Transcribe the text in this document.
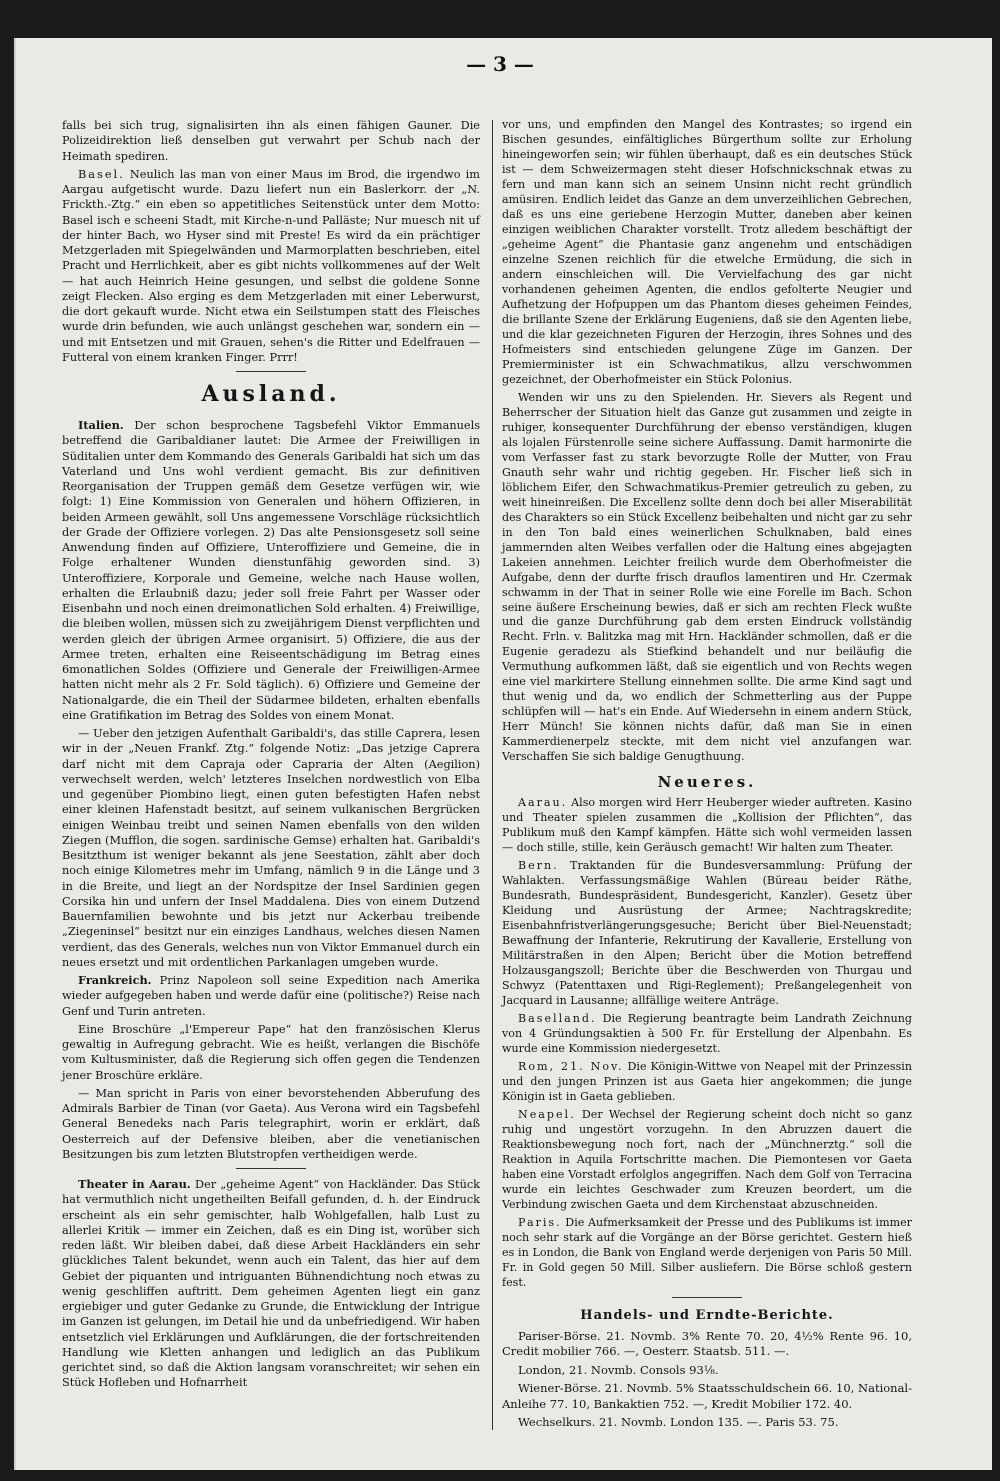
— 3 —

falls bei sich trug, signalisirten ihn als einen fähigen Gauner. Die Polizeidirektion ließ denselben gut verwahrt per Schub nach der Heimath spediren.

Basel. Neulich las man von einer Maus im Brod, die irgendwo im Aargau aufgetischt wurde. Dazu liefert nun ein Baslerkorr. der „N. Frickth.-Ztg.“ ein eben so appetitliches Seitenstück unter dem Motto: Basel isch e scheeni Stadt, mit Kirche-n-und Palläste; Nur muesch nit uf der hinter Bach, wo Hyser sind mit Preste! Es wird da ein prächtiger Metzgerladen mit Spiegelwänden und Marmorplatten beschrieben, eitel Pracht und Herrlichkeit, aber es gibt nichts vollkommenes auf der Welt — hat auch Heinrich Heine gesungen, und selbst die goldene Sonne zeigt Flecken. Also erging es dem Metzgerladen mit einer Leberwurst, die dort gekauft wurde. Nicht etwa ein Seilstumpen statt des Fleisches wurde drin befunden, wie auch unlängst geschehen war, sondern ein — und mit Entsetzen und mit Grauen, sehen's die Ritter und Edelfrauen — Futteral von einem kranken Finger. Prrr!

Ausland.

Italien. Der schon besprochene Tagsbefehl Viktor Emmanuels betreffend die Garibaldianer lautet: Die Armee der Freiwilligen in Süditalien unter dem Kommando des Generals Garibaldi hat sich um das Vaterland und Uns wohl verdient gemacht. Bis zur definitiven Reorganisation der Truppen gemäß dem Gesetze verfügen wir, wie folgt: 1) Eine Kommission von Generalen und höhern Offizieren, in beiden Armeen gewählt, soll Uns angemessene Vorschläge rücksichtlich der Grade der Offiziere vorlegen. 2) Das alte Pensionsgesetz soll seine Anwendung finden auf Offiziere, Unteroffiziere und Gemeine, die in Folge erhaltener Wunden dienstunfähig geworden sind. 3) Unteroffiziere, Korporale und Gemeine, welche nach Hause wollen, erhalten die Erlaubniß dazu; jeder soll freie Fahrt per Wasser oder Eisenbahn und noch einen dreimonatlichen Sold erhalten. 4) Freiwillige, die bleiben wollen, müssen sich zu zweijährigem Dienst verpflichten und werden gleich der übrigen Armee organisirt. 5) Offiziere, die aus der Armee treten, erhalten eine Reiseentschädigung im Betrag eines 6monatlichen Soldes (Offiziere und Generale der Freiwilligen-Armee hatten nicht mehr als 2 Fr. Sold täglich). 6) Offiziere und Gemeine der Nationalgarde, die ein Theil der Südarmee bildeten, erhalten ebenfalls eine Gratifikation im Betrag des Soldes von einem Monat.

— Ueber den jetzigen Aufenthalt Garibaldi's, das stille Caprera, lesen wir in der „Neuen Frankf. Ztg.“ folgende Notiz: „Das jetzige Caprera darf nicht mit dem Capraja oder Capraria der Alten (Aegilion) verwechselt werden, welch' letzteres Inselchen nordwestlich von Elba und gegenüber Piombino liegt, einen guten befestigten Hafen nebst einer kleinen Hafenstadt besitzt, auf seinem vulkanischen Bergrücken einigen Weinbau treibt und seinen Namen ebenfalls von den wilden Ziegen (Mufflon, die sogen. sardinische Gemse) erhalten hat. Garibaldi's Besitzthum ist weniger bekannt als jene Seestation, zählt aber doch noch einige Kilometres mehr im Umfang, nämlich 9 in die Länge und 3 in die Breite, und liegt an der Nordspitze der Insel Sardinien gegen Corsika hin und unfern der Insel Maddalena. Dies von einem Dutzend Bauernfamilien bewohnte und bis jetzt nur Ackerbau treibende „Ziegeninsel“ besitzt nur ein einziges Landhaus, welches diesen Namen verdient, das des Generals, welches nun von Viktor Emmanuel durch ein neues ersetzt und mit ordentlichen Parkanlagen umgeben wurde.

Frankreich. Prinz Napoleon soll seine Expedition nach Amerika wieder aufgegeben haben und werde dafür eine (politische?) Reise nach Genf und Turin antreten.

Eine Broschüre „l'Empereur Pape“ hat den französischen Klerus gewaltig in Aufregung gebracht. Wie es heißt, verlangen die Bischöfe vom Kultusminister, daß die Regierung sich offen gegen die Tendenzen jener Broschüre erkläre.

— Man spricht in Paris von einer bevorstehenden Abberufung des Admirals Barbier de Tinan (vor Gaeta). Aus Verona wird ein Tagsbefehl General Benedeks nach Paris telegraphirt, worin er erklärt, daß Oesterreich auf der Defensive bleiben, aber die venetianischen Besitzungen bis zum letzten Blutstropfen vertheidigen werde.

Theater in Aarau. Der „geheime Agent“ von Hackländer. Das Stück hat vermuthlich nicht ungetheilten Beifall gefunden, d. h. der Eindruck erscheint als ein sehr gemischter, halb Wohlgefallen, halb Lust zu allerlei Kritik — immer ein Zeichen, daß es ein Ding ist, worüber sich reden läßt. Wir bleiben dabei, daß diese Arbeit Hackländers ein sehr glückliches Talent bekundet, wenn auch ein Talent, das hier auf dem Gebiet der piquanten und intriguanten Bühnendichtung noch etwas zu wenig geschliffen auftritt. Dem geheimen Agenten liegt ein ganz ergiebiger und guter Gedanke zu Grunde, die Entwicklung der Intrigue im Ganzen ist gelungen, im Detail hie und da unbefriedigend. Wir haben entsetzlich viel Erklärungen und Aufklärungen, die der fortschreitenden Handlung wie Kletten anhangen und lediglich an das Publikum gerichtet sind, so daß die Aktion langsam voranschreitet; wir sehen ein Stück Hofleben und Hofnarrheit

vor uns, und empfinden den Mangel des Kontrastes; so irgend ein Bischen gesundes, einfältigliches Bürgerthum sollte zur Erholung hineingeworfen sein; wir fühlen überhaupt, daß es ein deutsches Stück ist — dem Schweizermagen steht dieser Hofschnickschnak etwas zu fern und man kann sich an seinem Unsinn nicht recht gründlich amüsiren. Endlich leidet das Ganze an dem unverzeihlichen Gebrechen, daß es uns eine geriebene Herzogin Mutter, daneben aber keinen einzigen weiblichen Charakter vorstellt. Trotz alledem beschäftigt der „geheime Agent“ die Phantasie ganz angenehm und entschädigen einzelne Szenen reichlich für die etwelche Ermüdung, die sich in andern einschleichen will. Die Vervielfachung des gar nicht vorhandenen geheimen Agenten, die endlos gefolterte Neugier und Aufhetzung der Hofpuppen um das Phantom dieses geheimen Feindes, die brillante Szene der Erklärung Eugeniens, daß sie den Agenten liebe, und die klar gezeichneten Figuren der Herzogin, ihres Sohnes und des Hofmeisters sind entschieden gelungene Züge im Ganzen. Der Premierminister ist ein Schwachmatikus, allzu verschwommen gezeichnet, der Oberhofmeister ein Stück Polonius.

Wenden wir uns zu den Spielenden. Hr. Sievers als Regent und Beherrscher der Situation hielt das Ganze gut zusammen und zeigte in ruhiger, konsequenter Durchführung der ebenso verständigen, klugen als lojalen Fürstenrolle seine sichere Auffassung. Damit harmonirte die vom Verfasser fast zu stark bevorzugte Rolle der Mutter, von Frau Gnauth sehr wahr und richtig gegeben. Hr. Fischer ließ sich in löblichem Eifer, den Schwachmatikus-Premier getreulich zu geben, zu weit hineinreißen. Die Excellenz sollte denn doch bei aller Miserabilität des Charakters so ein Stück Excellenz beibehalten und nicht gar zu sehr in den Ton bald eines weinerlichen Schulknaben, bald eines jammernden alten Weibes verfallen oder die Haltung eines abgejagten Lakeien annehmen. Leichter freilich wurde dem Oberhofmeister die Aufgabe, denn der durfte frisch drauflos lamentiren und Hr. Czermak schwamm in der That in seiner Rolle wie eine Forelle im Bach. Schon seine äußere Erscheinung bewies, daß er sich am rechten Fleck wußte und die ganze Durchführung gab dem ersten Eindruck vollständig Recht. Frln. v. Balitzka mag mit Hrn. Hackländer schmollen, daß er die Eugenie geradezu als Stiefkind behandelt und nur beiläufig die Vermuthung aufkommen läßt, daß sie eigentlich und von Rechts wegen eine viel markirtere Stellung einnehmen sollte. Die arme Kind sagt und thut wenig und da, wo endlich der Schmetterling aus der Puppe schlüpfen will — hat's ein Ende. Auf Wiedersehn in einem andern Stück, Herr Münch! Sie können nichts dafür, daß man Sie in einen Kammerdienerpelz steckte, mit dem nicht viel anzufangen war. Verschaffen Sie sich baldige Genugthuung.

Neueres.

Aarau. Also morgen wird Herr Heuberger wieder auftreten. Kasino und Theater spielen zusammen die „Kollision der Pflichten“, das Publikum muß den Kampf kämpfen. Hätte sich wohl vermeiden lassen — doch stille, stille, kein Geräusch gemacht! Wir halten zum Theater.

Bern. Traktanden für die Bundesversammlung: Prüfung der Wahlakten. Verfassungsmäßige Wahlen (Büreau beider Räthe, Bundesrath, Bundespräsident, Bundesgericht, Kanzler). Gesetz über Kleidung und Ausrüstung der Armee; Nachtragskredite; Eisenbahnfristverlängerungsgesuche; Bericht über Biel-Neuenstadt; Bewaffnung der Infanterie, Rekrutirung der Kavallerie, Erstellung von Militärstraßen in den Alpen; Bericht über die Motion betreffend Holzausgangszoll; Berichte über die Beschwerden von Thurgau und Schwyz (Patenttaxen und Rigi-Reglement); Preßangelegenheit von Jacquard in Lausanne; allfällige weitere Anträge.

Baselland. Die Regierung beantragte beim Landrath Zeichnung von 4 Gründungsaktien à 500 Fr. für Erstellung der Alpenbahn. Es wurde eine Kommission niedergesetzt.

Rom, 21. Nov. Die Königin-Wittwe von Neapel mit der Prinzessin und den jungen Prinzen ist aus Gaeta hier angekommen; die junge Königin ist in Gaeta geblieben.

Neapel. Der Wechsel der Regierung scheint doch nicht so ganz ruhig und ungestört vorzugehn. In den Abruzzen dauert die Reaktionsbewegung noch fort, nach der „Münchnerztg.“ soll die Reaktion in Aquila Fortschritte machen. Die Piemontesen vor Gaeta haben eine Vorstadt erfolglos angegriffen. Nach dem Golf von Terracina wurde ein leichtes Geschwader zum Kreuzen beordert, um die Verbindung zwischen Gaeta und dem Kirchenstaat abzuschneiden.

Paris. Die Aufmerksamkeit der Presse und des Publikums ist immer noch sehr stark auf die Vorgänge an der Börse gerichtet. Gestern hieß es in London, die Bank von England werde derjenigen von Paris 50 Mill. Fr. in Gold gegen 50 Mill. Silber ausliefern. Die Börse schloß gestern fest.

Handels- und Erndte-Berichte.

Pariser-Börse. 21. Novmb. 3% Rente 70. 20, 4½% Rente 96. 10, Credit mobilier 766. —, Oesterr. Staatsb. 511. —.

London, 21. Novmb. Consols 93⅛.

Wiener-Börse. 21. Novmb. 5% Staatsschuldschein 66. 10, National-Anleihe 77. 10, Bankaktien 752. —, Kredit Mobilier 172. 40.

Wechselkurs. 21. Novmb. London 135. —. Paris 53. 75.
